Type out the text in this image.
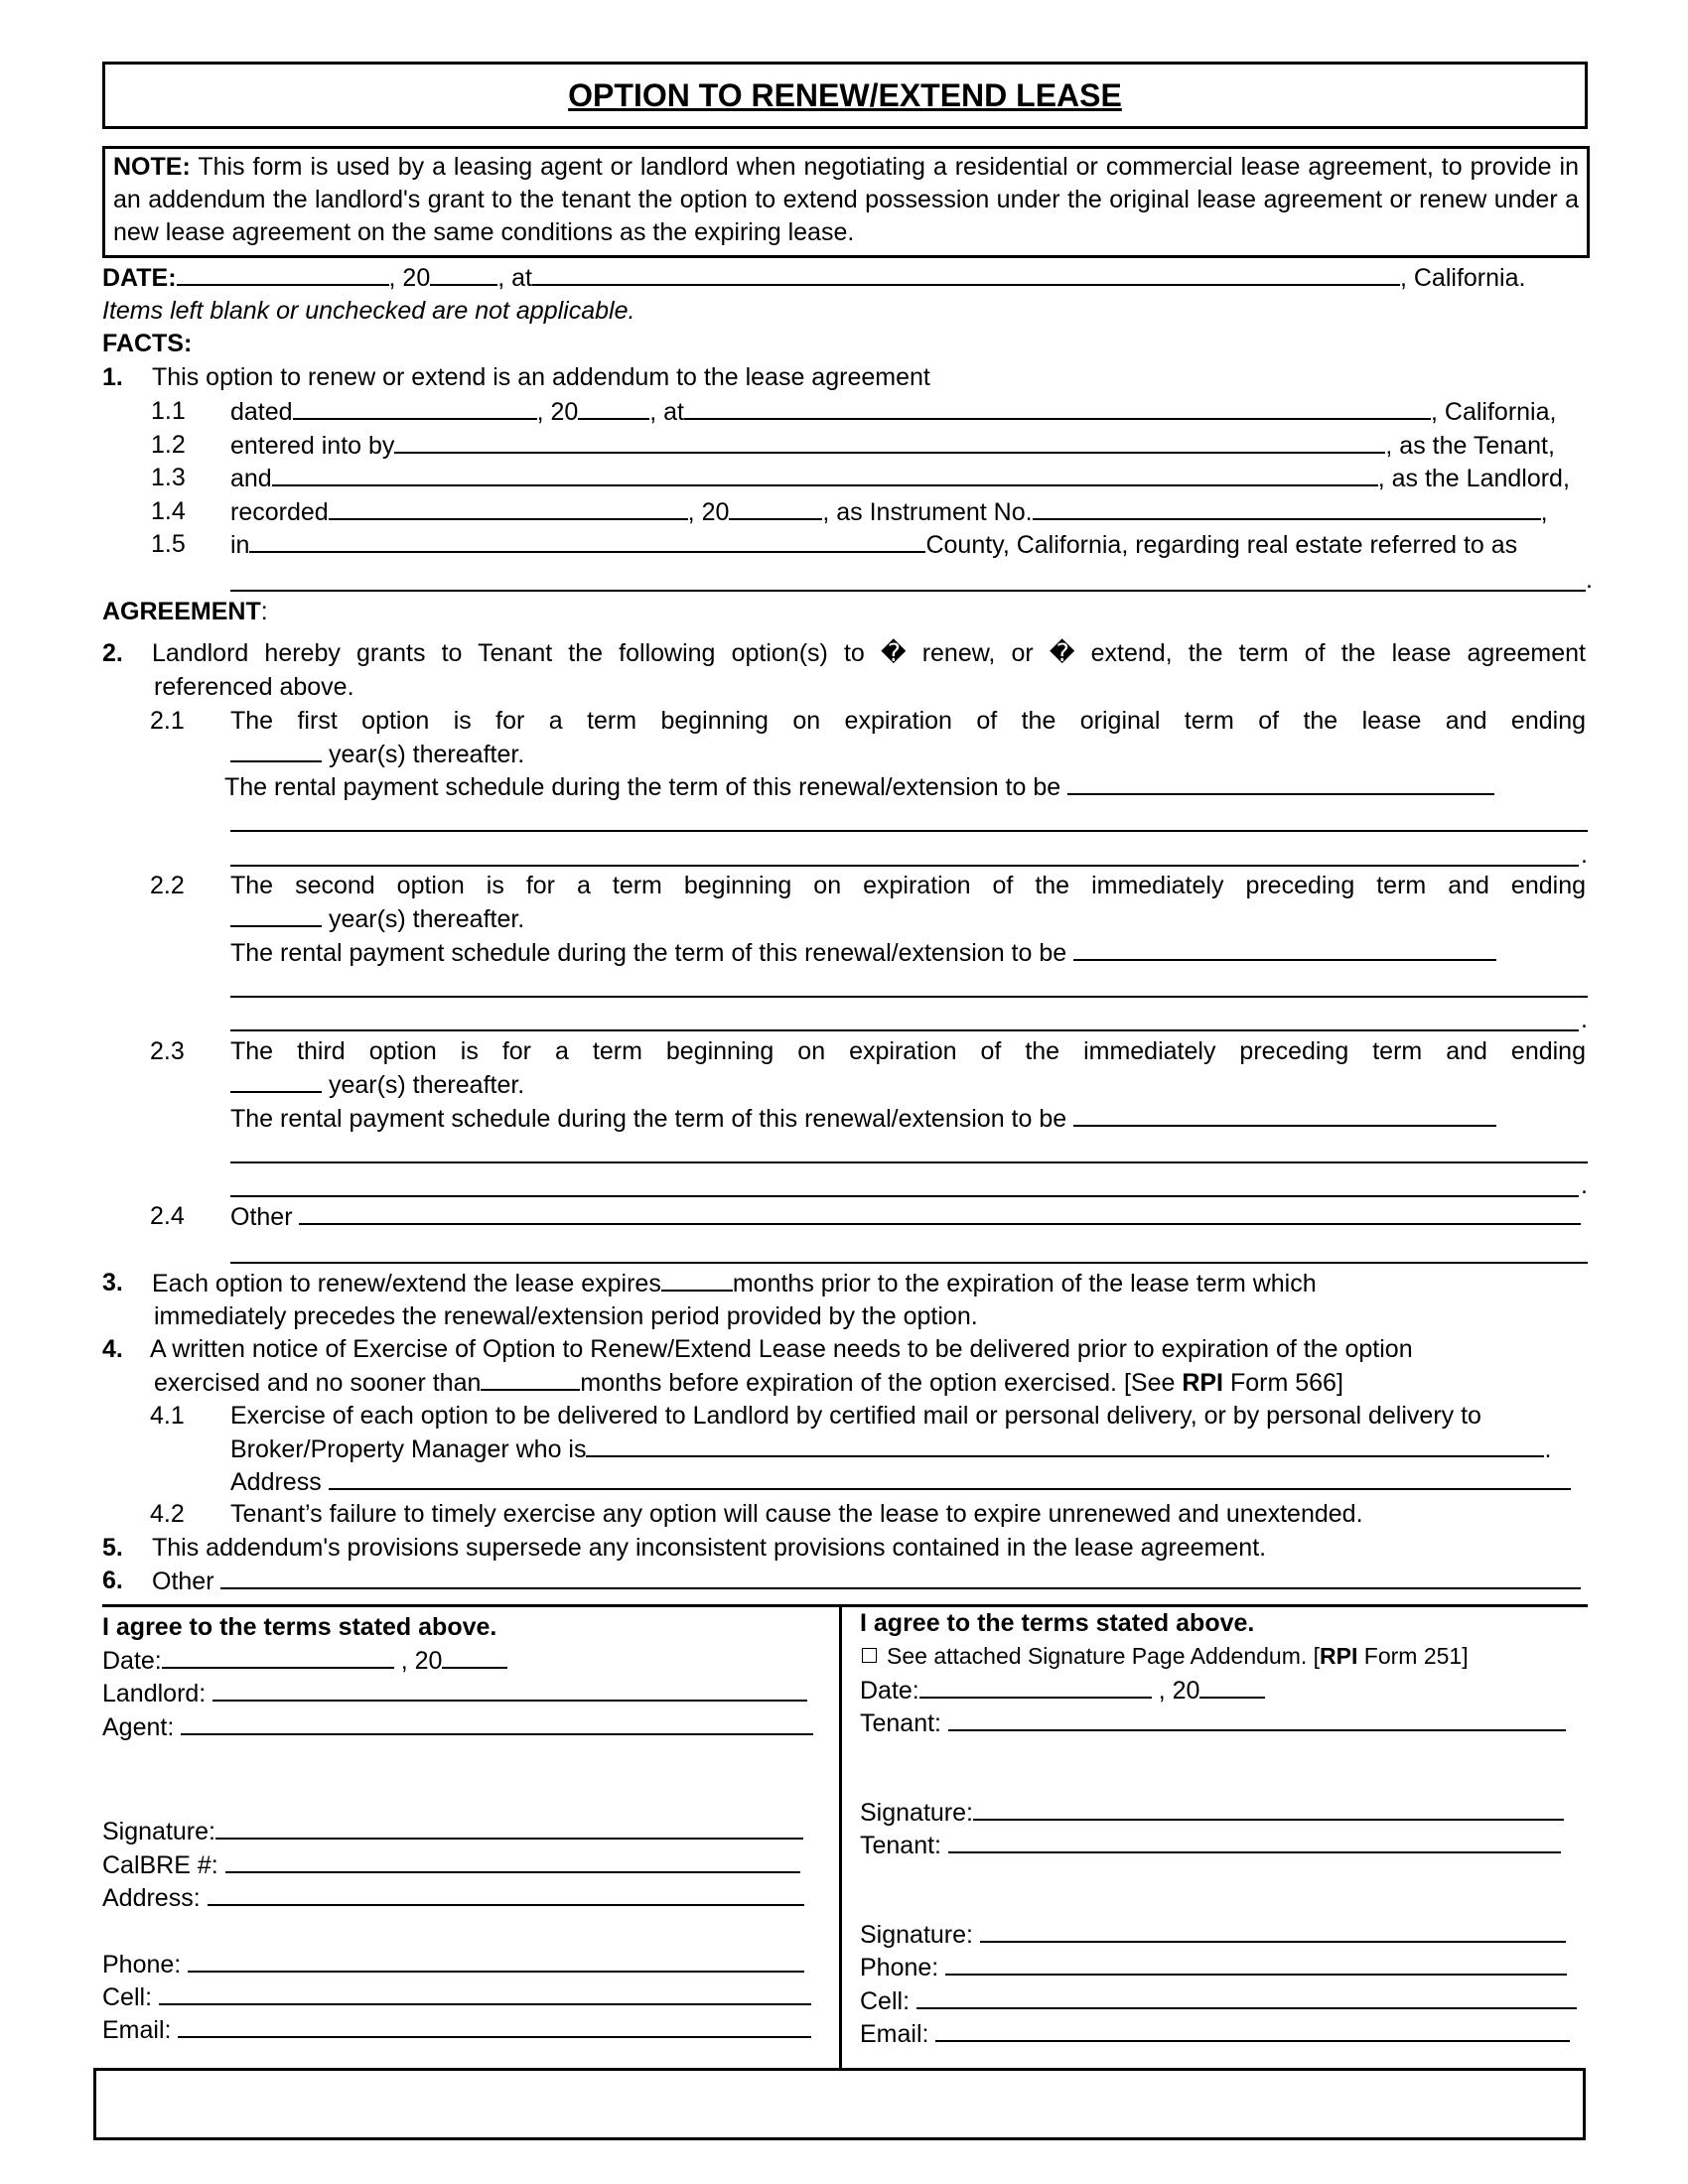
OPTION TO RENEW/EXTEND LEASE
NOTE: This form is used by a leasing agent or landlord when negotiating a residential or commercial lease agreement, to provide in an addendum the landlord's grant to the tenant the option to extend possession under the original lease agreement or renew under a new lease agreement on the same conditions as the expiring lease.
DATE:	, 20	, at	, California.
Items left blank or unchecked are not applicable.
FACTS:
1. This option to renew or extend is an addendum to the lease agreement
1.1 dated	, 20	, at	, California,
1.2 entered into by	, as the Tenant,
1.3 and	, as the Landlord,
1.4 recorded	, 20	, as Instrument No.	,
1.5 in	County, California, regarding real estate referred to as
.
AGREEMENT:
2. Landlord hereby grants to Tenant the following option(s) to � renew, or � extend, the term of the lease agreement
referenced above.
2.1 The first option is for a term beginning on expiration of the original term of the lease and ending
year(s) thereafter.
The rental payment schedule during the term of this renewal/extension to be
.
2.2 The second option is for a term beginning on expiration of the immediately preceding term and ending
year(s) thereafter.
The rental payment schedule during the term of this renewal/extension to be
.
2.3 The third option is for a term beginning on expiration of the immediately preceding term and ending
year(s) thereafter.
The rental payment schedule during the term of this renewal/extension to be
.
2.4 Other
3. Each option to renew/extend the lease expires	months prior to the expiration of the lease term which
immediately precedes the renewal/extension period provided by the option.
4. A written notice of Exercise of Option to Renew/Extend Lease needs to be delivered prior to expiration of the option
exercised and no sooner than	months before expiration of the option exercised. [See RPI Form 566]
4.1 Exercise of each option to be delivered to Landlord by certified mail or personal delivery, or by personal delivery to
Broker/Property Manager who is	.
Address
4.2 Tenant’s failure to timely exercise any option will cause the lease to expire unrenewed and unextended.
5. This addendum's provisions supersede any inconsistent provisions contained in the lease agreement.
6. Other
I agree to the terms stated above.
Date:	, 20
Landlord:
Agent:
Signature:
CalBRE #:
Address:
Phone:
Cell:
Email:
I agree to the terms stated above.
See attached Signature Page Addendum. [RPI Form 251]
Date:	, 20
Tenant:
Signature:
Tenant:
Signature:
Phone:
Cell:
Email:
